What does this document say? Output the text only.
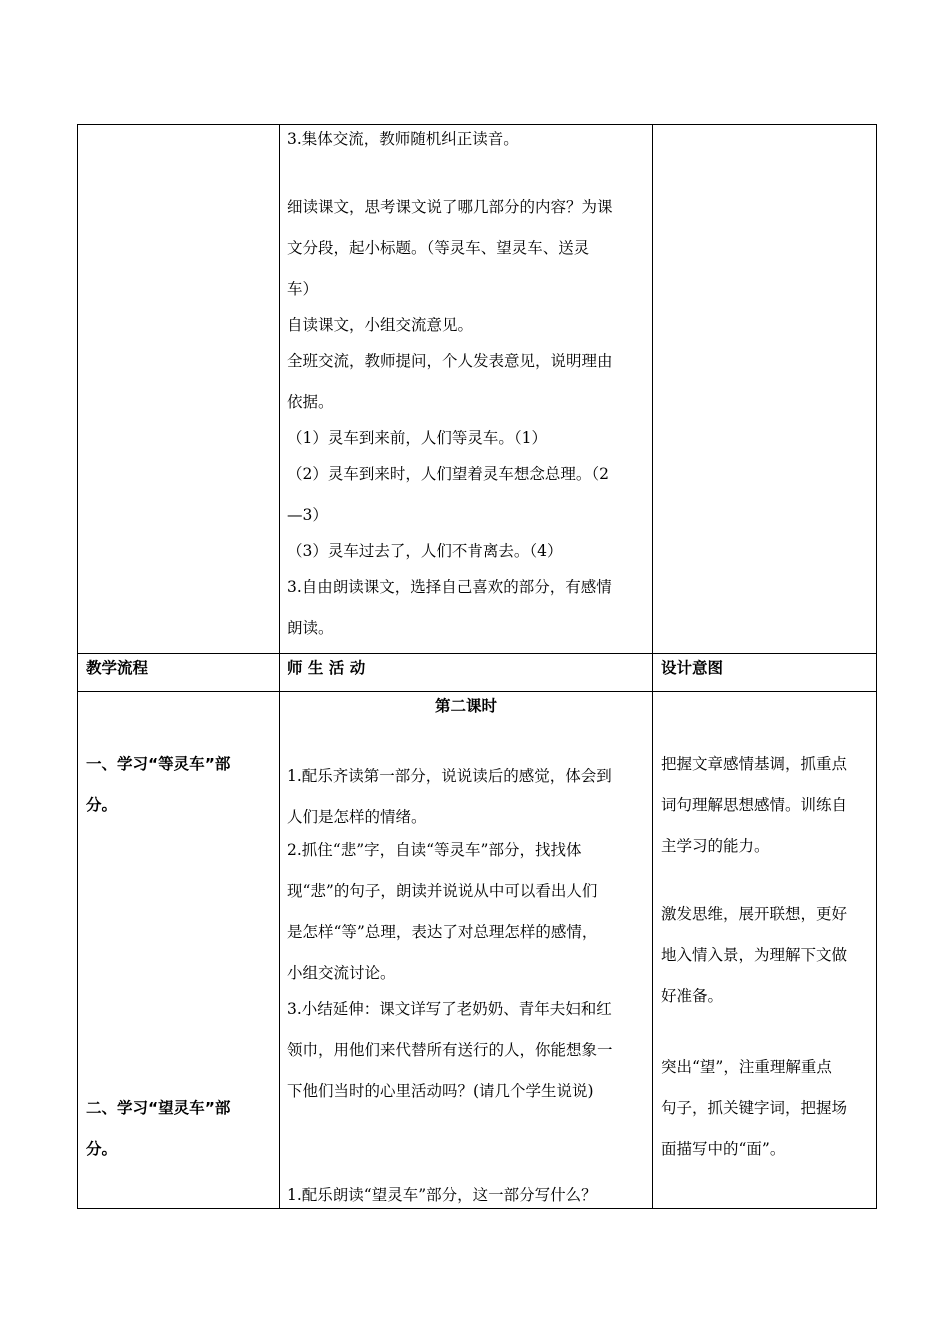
3.集体交流，教师随机纠正读音。
细读课文，思考课文说了哪几部分的内容？为课
文分段，起小标题。（等灵车、望灵车、送灵
车）
自读课文，小组交流意见。
全班交流，教师提问，个人发表意见，说明理由
依据。
（1）灵车到来前，人们等灵车。（1）
（2）灵车到来时，人们望着灵车想念总理。（2
—3）
（3）灵车过去了，人们不肯离去。（4）
3.自由朗读课文，选择自己喜欢的部分，有感情
朗读。
教学流程	师 生 活 动	设计意图
第二课时
一、学习“等灵车”部
分。
二、学习“望灵车”部
分。
1.配乐齐读第一部分，说说读后的感觉，体会到
人们是怎样的情绪。
2.抓住“悲”字，自读“等灵车”部分，找找体
现“悲”的句子，朗读并说说从中可以看出人们
是怎样“等”总理，表达了对总理怎样的感情，
小组交流讨论。
3.小结延伸：课文详写了老奶奶、青年夫妇和红
领巾，用他们来代替所有送行的人，你能想象一
下他们当时的心里活动吗？(请几个学生说说)
1.配乐朗读“望灵车”部分，这一部分写什么？
把握文章感情基调，抓重点
词句理解思想感情。训练自
主学习的能力。
激发思维，展开联想，更好
地入情入景，为理解下文做
好准备。
突出“望”，注重理解重点
句子，抓关键字词，把握场
面描写中的“面”。
